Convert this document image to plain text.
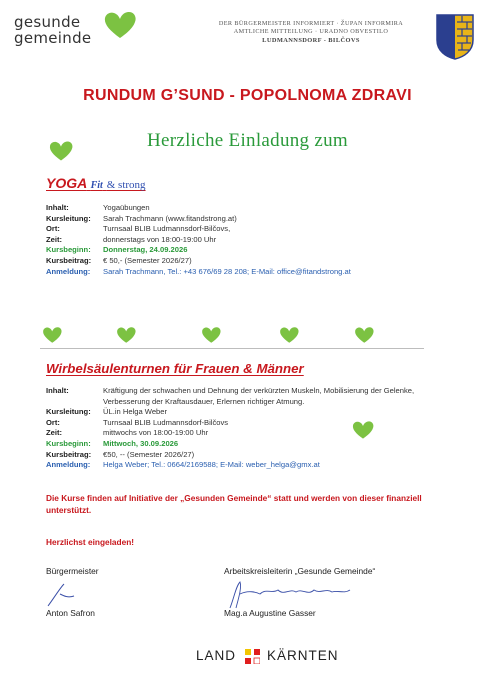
gesunde
gemeinde
DER BÜRGERMEISTER INFORMIERT · ŽUPAN INFORMIRA
AMTLICHE MITTEILUNG · URADNO OBVESTILO
LUDMANNSDORF - BILČOVS
RUNDUM G’SUND - POPOLNOMA ZDRAVI
Herzliche Einladung zum
YOGA Fit & strong
Inhalt:	Yogaübungen
Kursleitung:	Sarah Trachmann (www.fitandstrong.at)
Ort:	Turnsaal BLIB Ludmannsdorf-Bilčovs,
Zeit:	donnerstags von 18:00-19:00 Uhr
Kursbeginn:	Donnerstag, 24.09.2026
Kursbeitrag:	€ 50,- (Semester 2026/27)
Anmeldung:	Sarah Trachmann, Tel.: +43 676/69 28 208; E-Mail: office@fitandstrong.at
Wirbelsäulenturnen für Frauen & Männer
Inhalt:	Kräftigung der schwachen und Dehnung der verkürzten Muskeln, Mobilisierung der Gelenke, Verbesserung der Kraftausdauer, Erlernen richtiger Atmung.
Kursleitung:	ÜL.in Helga Weber
Ort:	Turnsaal BLIB Ludmannsdorf-Bilčovs
Zeit:	mittwochs von 18:00-19:00 Uhr
Kursbeginn:	Mittwoch, 30.09.2026
Kursbeitrag:	€50, -- (Semester 2026/27)
Anmeldung:	Helga Weber; Tel.: 0664/2169588; E-Mail: weber_helga@gmx.at
Die Kurse finden auf Initiative der „Gesunden Gemeinde“ statt und werden von dieser finanziell unterstützt.
Herzlichst eingeladen!
Bürgermeister	Arbeitskreisleiterin „Gesunde Gemeinde“
Anton Safron	Mag.a Augustine Gasser
LAND KÄRNTEN
